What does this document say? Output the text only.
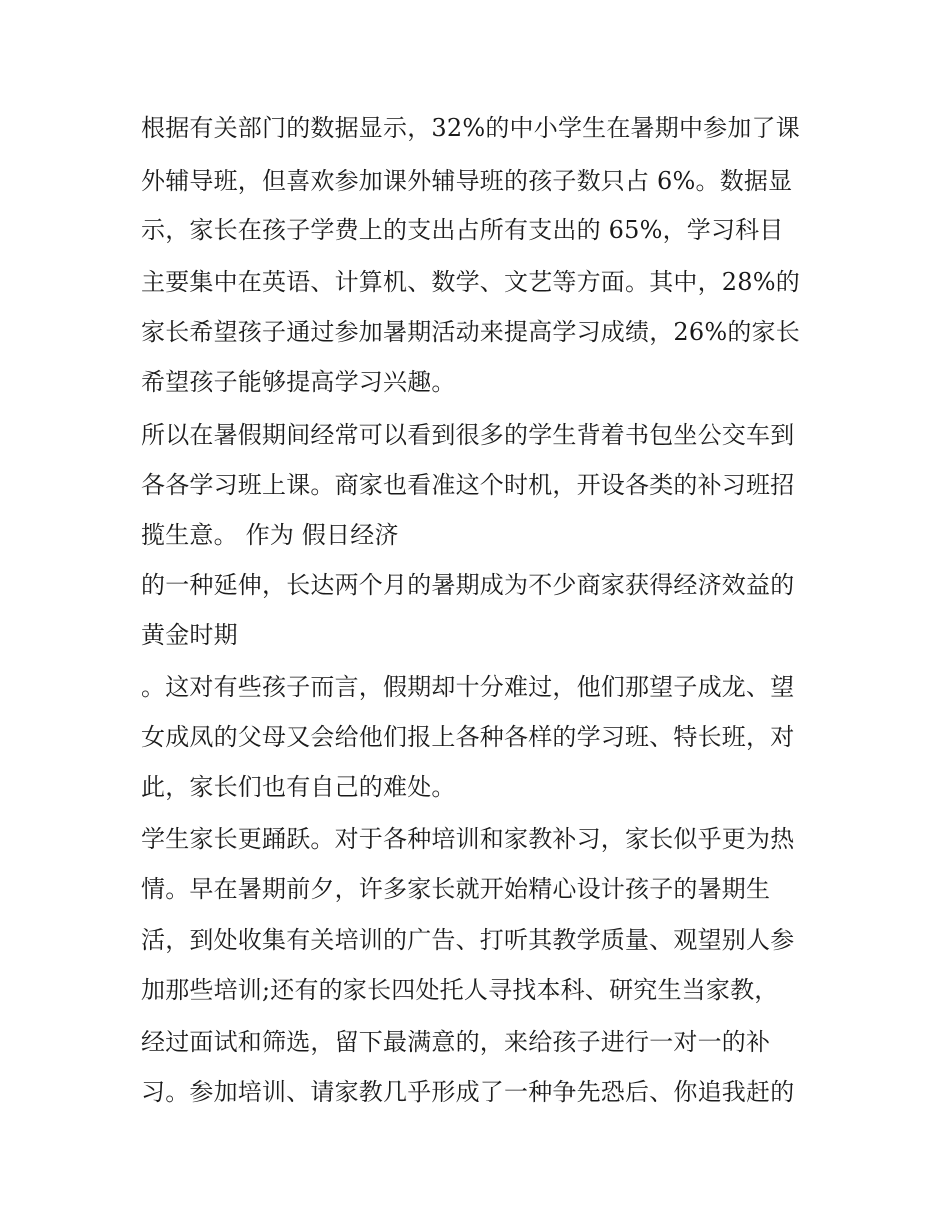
根据有关部门的数据显示，32%的中小学生在暑期中参加了课
外辅导班，但喜欢参加课外辅导班的孩子数只占 6%。数据显
示，家长在孩子学费上的支出占所有支出的 65%，学习科目
主要集中在英语、计算机、数学、文艺等方面。其中，28%的
家长希望孩子通过参加暑期活动来提高学习成绩，26%的家长
希望孩子能够提高学习兴趣。
所以在暑假期间经常可以看到很多的学生背着书包坐公交车到
各各学习班上课。商家也看准这个时机，开设各类的补习班招
揽生意。 作为 假日经济
的一种延伸，长达两个月的暑期成为不少商家获得经济效益的
黄金时期
。这对有些孩子而言，假期却十分难过，他们那望子成龙、望
女成凤的父母又会给他们报上各种各样的学习班、特长班，对
此，家长们也有自己的难处。
学生家长更踊跃。对于各种培训和家教补习，家长似乎更为热
情。早在暑期前夕，许多家长就开始精心设计孩子的暑期生
活，到处收集有关培训的广告、打听其教学质量、观望别人参
加那些培训;还有的家长四处托人寻找本科、研究生当家教，
经过面试和筛选，留下最满意的，来给孩子进行一对一的补
习。参加培训、请家教几乎形成了一种争先恐后、你追我赶的
